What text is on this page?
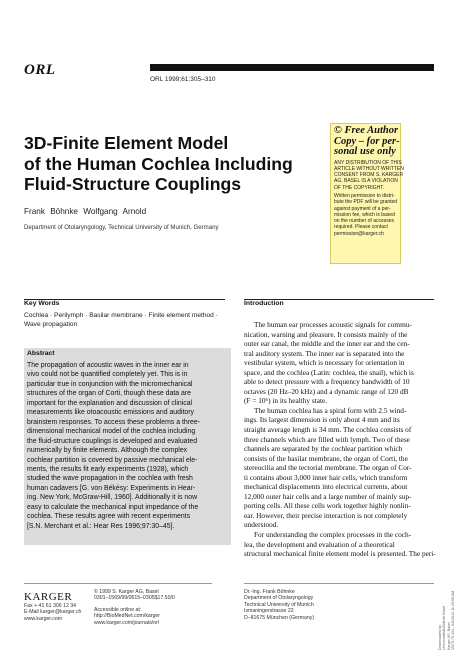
ORL
ORL 1999;61:305–310
3D-Finite Element Model
of the Human Cochlea Including
Fluid-Structure Couplings
Frank Böhnke Wolfgang Arnold
Department of Otolaryngology, Technical University of Munich, Germany
© Free Author
Copy – for per-
sonal use only
ANY DISTRIBUTION OF THIS
ARTICLE WITHOUT WRITTEN
CONSENT FROM S. KARGER
AG, BASEL IS A VIOLATION
OF THE COPYRIGHT.
Written permission to distri-
bute the PDF will be granted
against payment of a per-
mission fee, which is based
on the number of accesses
required. Please contact
permission@karger.ch
Key Words
Cochlea · Perilymph · Basilar membrane · Finite element method · Wave propagation
Abstract
The propagation of acoustic waves in the inner ear in
vivo could not be quantified completely yet. This is in
particular true in conjunction with the micromechanical
structures of the organ of Corti, though these data are
important for the explanation and discussion of clinical
measurements like otoacoustic emissions and auditory
brainstem responses. To access these problems a three-
dimensional mechanical model of the cochlea including
the fluid-structure couplings is developed and evaluated
numerically by finite elements. Although the complex
cochlear partition is covered by passive mechanical ele-
ments, the results fit early experiments (1928), which
studied the wave propagation in the cochlea with fresh
human cadavers [G. von Békésy: Experiments in Hear-
ing. New York, McGraw-Hill, 1960]. Additionally it is now
easy to calculate the mechanical input impedance of the
cochlea. These results agree with recent experiments
[S.N. Merchant et al.: Hear Res 1996;97:30–45].
Introduction
The human ear processes acoustic signals for commu-
nication, warning and pleasure. It consists mainly of the
outer ear canal, the middle and the inner ear and the cen-
tral auditory system. The inner ear is separated into the
vestibular system, which is necessary for orientation in
space, and the cochlea (Latin: cochlea, the snail), which is
able to detect pressure with a frequency bandwidth of 10
octaves (20 Hz–20 kHz) and a dynamic range of 120 dB
(F = 10⁶) in its healthy state.
The human cochlea has a spiral form with 2.5 wind-
ings. Its largest dimension is only about 4 mm and its
straight average length is 34 mm. The cochlea consists of
three channels which are filled with lymph. Two of these
channels are separated by the cochlear partition which
consists of the basilar membrane, the organ of Corti, the
stereocilia and the tectorial membrane. The organ of Cor-
ti contains about 3,000 inner hair cells, which transform
mechanical displacements into electrical currents, about
12,000 outer hair cells and a large number of mainly sup-
porting cells. All these cells work together highly nonlin-
ear. However, their precise interaction is not completely
understood.
For understanding the complex processes in the coch-
lea, the development and evaluation of a theoretical
structural mechanical finite element model is presented. The peri-
KARGER
Fax + 41 61 306 12 34
E-Mail karger@karger.ch
www.karger.com
© 1999 S. Karger AG, Basel
0301–1569/99/0615–0305$17.50/0
Accessible online at:
http://BioMedNet.com/karger
www.karger.com/journals/orl
Dr.-Ing. Frank Böhnke
Department of Otolaryngology
Technical University of Munich
Ismaningerstrasse 22
D–81675 München (Germany)
Downloaded by: UniversitätsBibliothek Basel Karger AG, Basel 193.5.79.104 - 6/6/2013 11:49:05 AM
